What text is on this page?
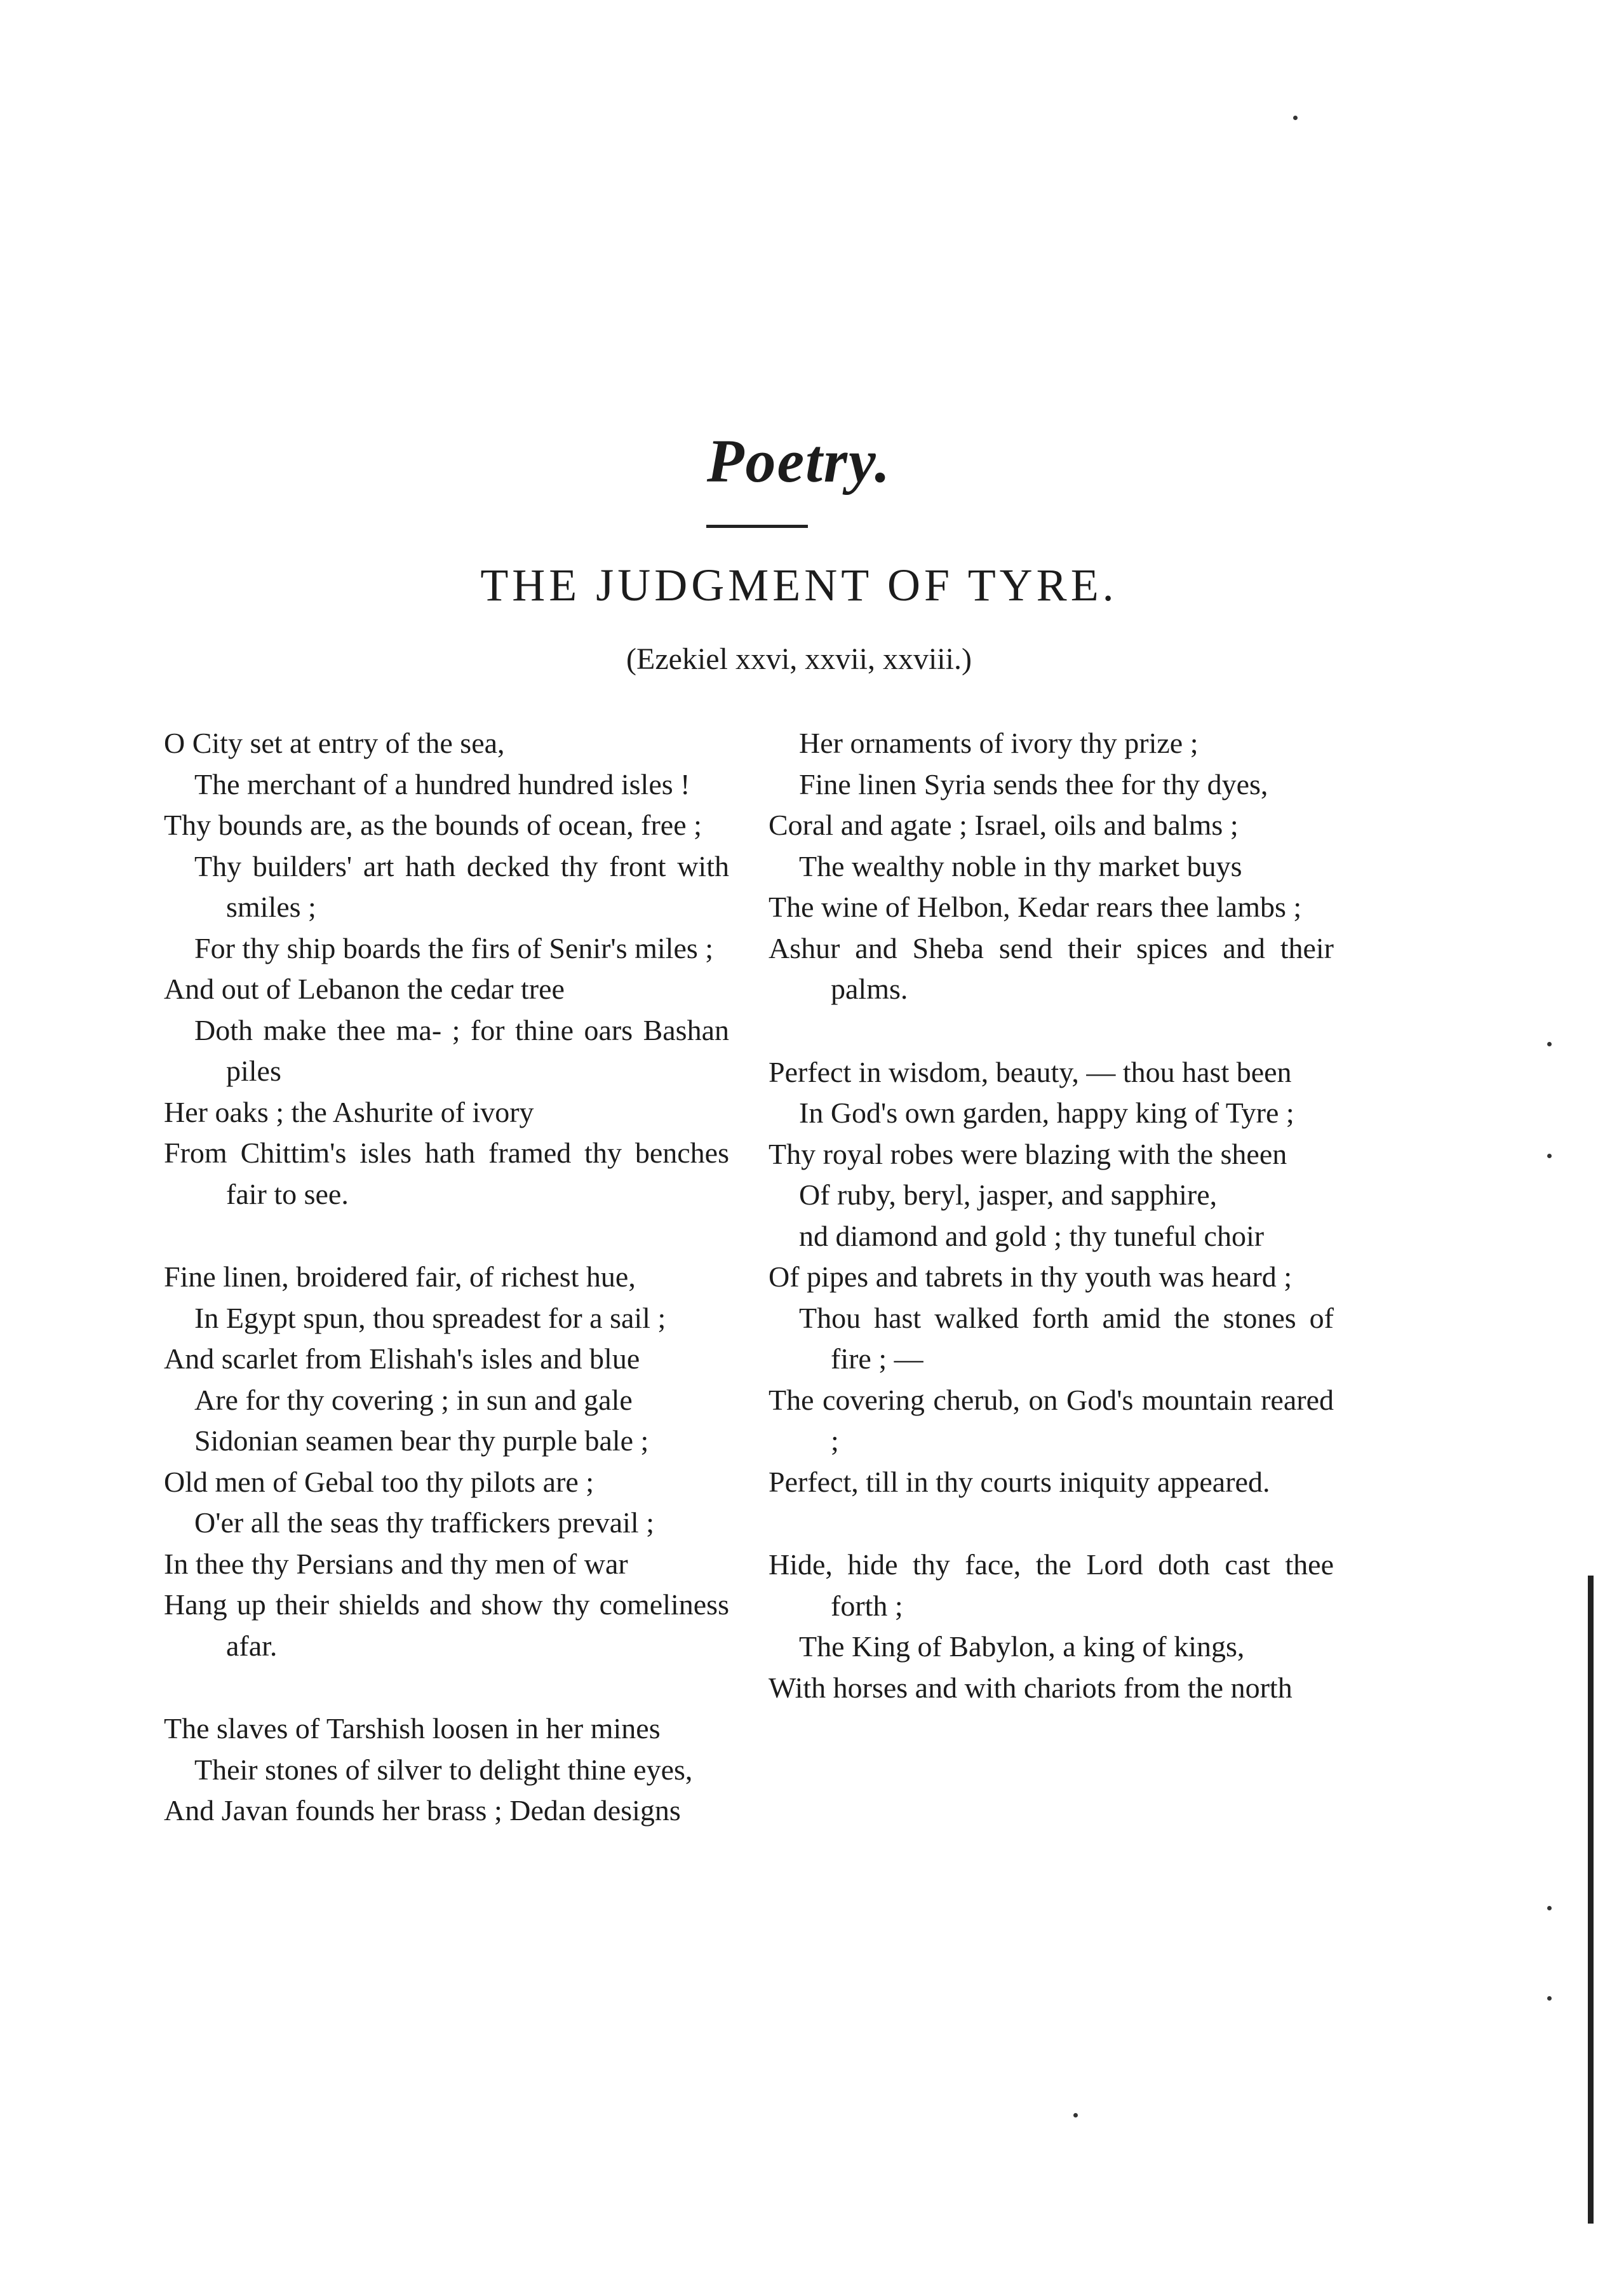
Poetry.
THE JUDGMENT OF TYRE.
(Ezekiel xxvi, xxvii, xxviii.)
O City set at entry of the sea,
The merchant of a hundred hundred isles !
Thy bounds are, as the bounds of ocean, free ;
Thy builders' art hath decked thy front with smiles ;
For thy ship boards the firs of Senir's miles ;
And out of Lebanon the cedar tree
Doth make thee ma- ; for thine oars Bashan piles
Her oaks ; the Ashurite of ivory
From Chittim's isles hath framed thy benches fair to see.
Fine linen, broidered fair, of richest hue,
In Egypt spun, thou spreadest for a sail ;
And scarlet from Elishah's isles and blue
Are for thy covering ; in sun and gale
Sidonian seamen bear thy purple bale ;
Old men of Gebal too thy pilots are ;
O'er all the seas thy traffickers prevail ;
In thee thy Persians and thy men of war
Hang up their shields and show thy comeliness afar.
The slaves of Tarshish loosen in her mines
Their stones of silver to delight thine eyes,
And Javan founds her brass ; Dedan designs
Her ornaments of ivory thy prize ;
Fine linen Syria sends thee for thy dyes,
Coral and agate ; Israel, oils and balms ;
The wealthy noble in thy market buys
The wine of Helbon, Kedar rears thee lambs ;
Ashur and Sheba send their spices and their palms.
Perfect in wisdom, beauty, — thou hast been
In God's own garden, happy king of Tyre ;
Thy royal robes were blazing with the sheen
Of ruby, beryl, jasper, and sapphire,
nd diamond and gold ; thy tuneful choir
Of pipes and tabrets in thy youth was heard ;
Thou hast walked forth amid the stones of fire ; —
The covering cherub, on God's mountain reared ;
Perfect, till in thy courts iniquity appeared.
Hide, hide thy face, the Lord doth cast thee forth ;
The King of Babylon, a king of kings,
With horses and with chariots from the north
